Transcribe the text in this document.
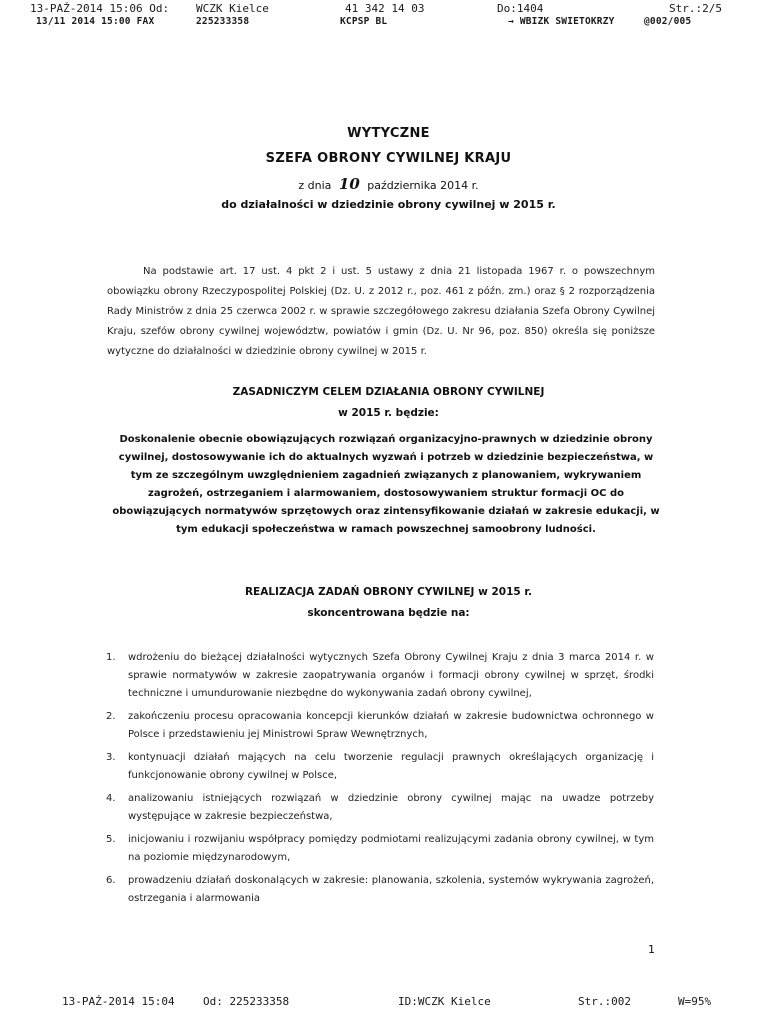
13-PAŹ-2014 15:06 Od: WCZK Kielce	41 342 14 03	Do:1404	Str.:2/5
13/11 2014 15:00 FAX	225233358	KCPSP BL	→ WBIZK SWIETOKRZY	@002/005
WYTYCZNE
SZEFA OBRONY CYWILNEJ KRAJU
z dnia 10 października 2014 r.
do działalności w dziedzinie obrony cywilnej w 2015 r.
Na podstawie art. 17 ust. 4 pkt 2 i ust. 5 ustawy z dnia 21 listopada 1967 r. o powszechnym obowiązku obrony Rzeczypospolitej Polskiej (Dz. U. z 2012 r., poz. 461 z późn. zm.) oraz § 2 rozporządzenia Rady Ministrów z dnia 25 czerwca 2002 r. w sprawie szczegółowego zakresu działania Szefa Obrony Cywilnej Kraju, szefów obrony cywilnej województw, powiatów i gmin (Dz. U. Nr 96, poz. 850) określa się poniższe wytyczne do działalności w dziedzinie obrony cywilnej w 2015 r.
ZASADNICZYM CELEM DZIAŁANIA OBRONY CYWILNEJ
w 2015 r. będzie:
Doskonalenie obecnie obowiązujących rozwiązań organizacyjno-prawnych w dziedzinie obrony cywilnej, dostosowywanie ich do aktualnych wyzwań i potrzeb w dziedzinie bezpieczeństwa, w tym ze szczególnym uwzględnieniem zagadnień związanych z planowaniem, wykrywaniem zagrożeń, ostrzeganiem i alarmowaniem, dostosowywaniem struktur formacji OC do obowiązujących normatywów sprzętowych oraz zintensyfikowanie działań w zakresie edukacji, w tym edukacji społeczeństwa w ramach powszechnej samoobrony ludności.
REALIZACJA ZADAŃ OBRONY CYWILNEJ w 2015 r.
skoncentrowana będzie na:
1. wdrożeniu do bieżącej działalności wytycznych Szefa Obrony Cywilnej Kraju z dnia 3 marca 2014 r. w sprawie normatywów w zakresie zaopatrywania organów i formacji obrony cywilnej w sprzęt, środki techniczne i umundurowanie niezbędne do wykonywania zadań obrony cywilnej,
2. zakończeniu procesu opracowania koncepcji kierunków działań w zakresie budownictwa ochronnego w Polsce i przedstawieniu jej Ministrowi Spraw Wewnętrznych,
3. kontynuacji działań mających na celu tworzenie regulacji prawnych określających organizację i funkcjonowanie obrony cywilnej w Polsce,
4. analizowaniu istniejących rozwiązań w dziedzinie obrony cywilnej mając na uwadze potrzeby występujące w zakresie bezpieczeństwa,
5. inicjowaniu i rozwijaniu współpracy pomiędzy podmiotami realizującymi zadania obrony cywilnej, w tym na poziomie międzynarodowym,
6. prowadzeniu działań doskonalących w zakresie: planowania, szkolenia, systemów wykrywania zagrożeń, ostrzegania i alarmowania
1
13-PAŹ-2014 15:04	Od: 225233358	ID:WCZK Kielce	Str.:002	W=95%
